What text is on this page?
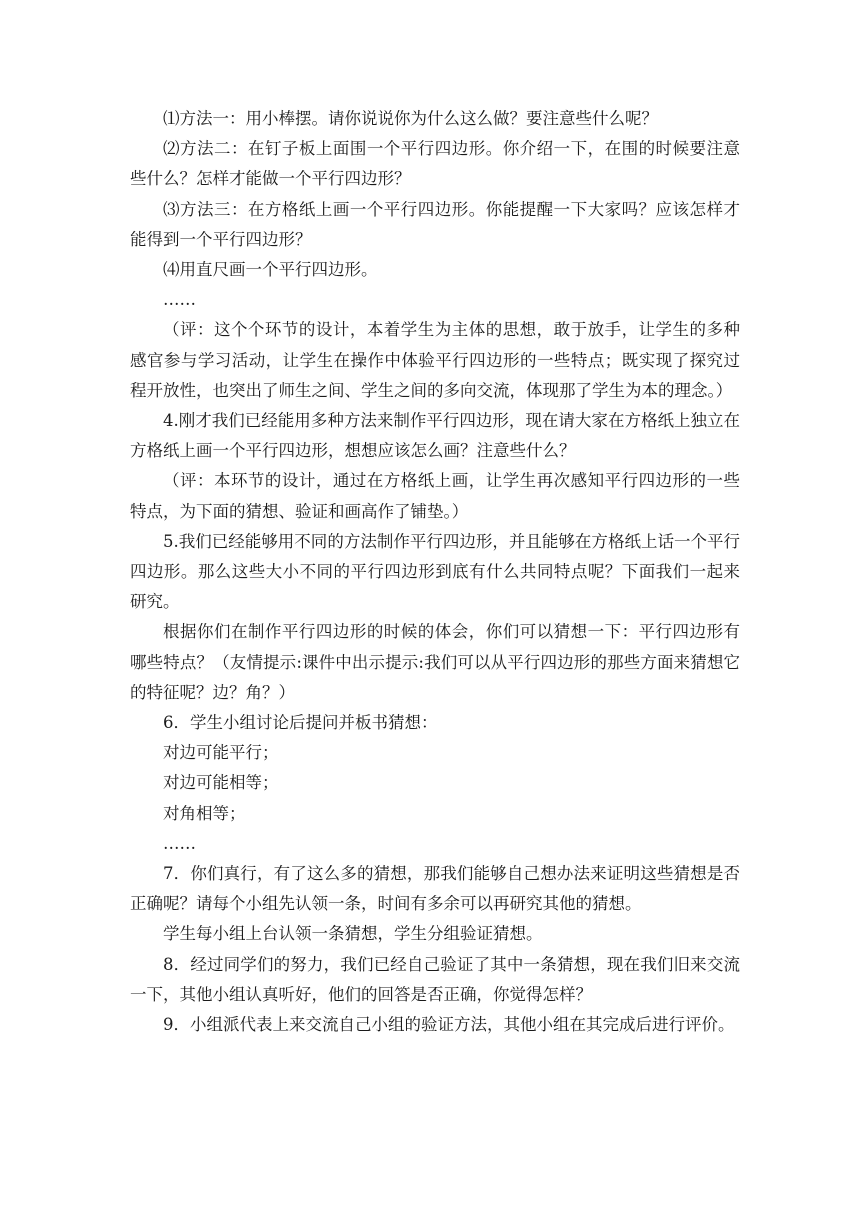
⑴方法一：用小棒摆。请你说说你为什么这么做？要注意些什么呢？

⑵方法二：在钉子板上面围一个平行四边形。你介绍一下，在围的时候要注意些什么？怎样才能做一个平行四边形？

⑶方法三：在方格纸上画一个平行四边形。你能提醒一下大家吗？应该怎样才能得到一个平行四边形？

⑷用直尺画一个平行四边形。

……

（评：这个个环节的设计，本着学生为主体的思想，敢于放手，让学生的多种感官参与学习活动，让学生在操作中体验平行四边形的一些特点；既实现了探究过程开放性，也突出了师生之间、学生之间的多向交流，体现那了学生为本的理念。）

4.刚才我们已经能用多种方法来制作平行四边形，现在请大家在方格纸上独立在方格纸上画一个平行四边形，想想应该怎么画？注意些什么？

（评：本环节的设计，通过在方格纸上画，让学生再次感知平行四边形的一些特点，为下面的猜想、验证和画高作了铺垫。）

5.我们已经能够用不同的方法制作平行四边形，并且能够在方格纸上话一个平行四边形。那么这些大小不同的平行四边形到底有什么共同特点呢？下面我们一起来研究。

根据你们在制作平行四边形的时候的体会，你们可以猜想一下：平行四边形有哪些特点？（友情提示:课件中出示提示:我们可以从平行四边形的那些方面来猜想它的特征呢？边？角？）

6．学生小组讨论后提问并板书猜想：

对边可能平行；

对边可能相等；

对角相等；

……

7．你们真行，有了这么多的猜想，那我们能够自己想办法来证明这些猜想是否正确呢？请每个小组先认领一条，时间有多余可以再研究其他的猜想。

学生每小组上台认领一条猜想，学生分组验证猜想。

8．经过同学们的努力，我们已经自己验证了其中一条猜想，现在我们旧来交流一下，其他小组认真听好，他们的回答是否正确，你觉得怎样？

9．小组派代表上来交流自己小组的验证方法，其他小组在其完成后进行评价。
